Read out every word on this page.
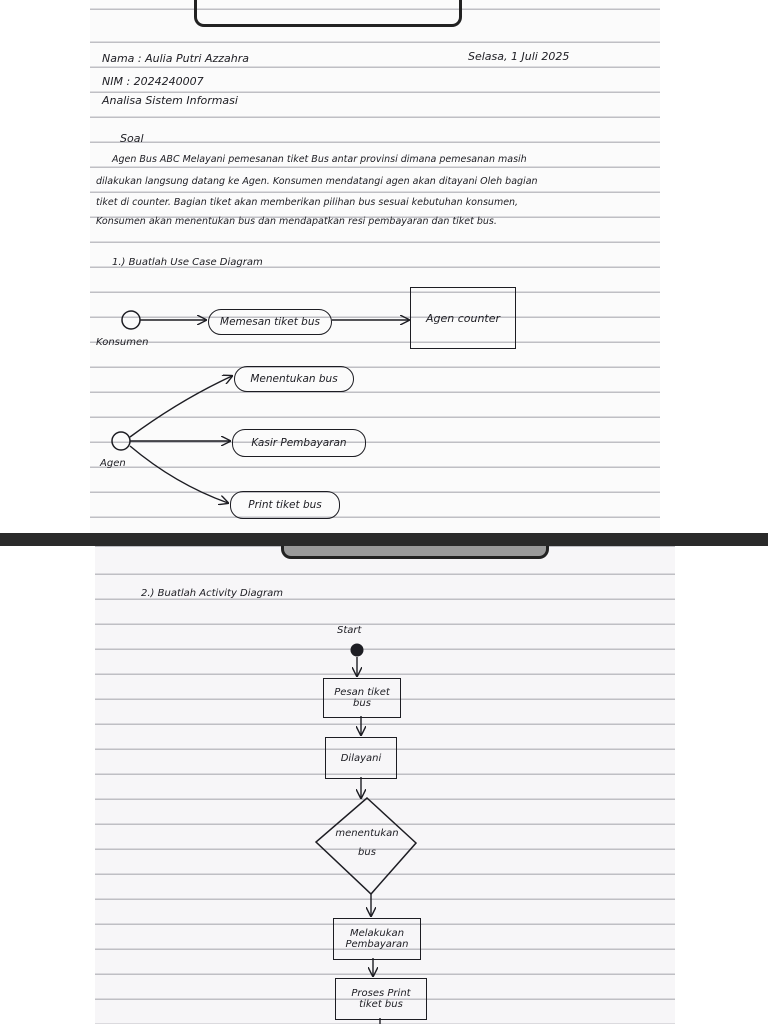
Nama : Aulia Putri Azzahra	Selasa, 1 Juli 2025
NIM : 2024240007
Analisa Sistem Informasi
Soal
Agen Bus ABC Melayani pemesanan tiket Bus antar provinsi dimana pemesanan masih
dilakukan langsung datang ke Agen. Konsumen mendatangi agen akan ditayani Oleh bagian
tiket di counter. Bagian tiket akan memberikan pilihan bus sesuai kebutuhan konsumen,
Konsumen akan menentukan bus dan mendapatkan resi pembayaran dan tiket bus.
1.) Buatlah Use Case Diagram
Memesan tiket bus	Agen counter
Konsumen
Menentukan bus
Kasir Pembayaran
Agen
Print tiket bus
2.) Buatlah Activity Diagram
Start
Pesan tiket
bus
Dilayani
menentukan
bus
Melakukan
Pembayaran
Proses Print
tiket bus
